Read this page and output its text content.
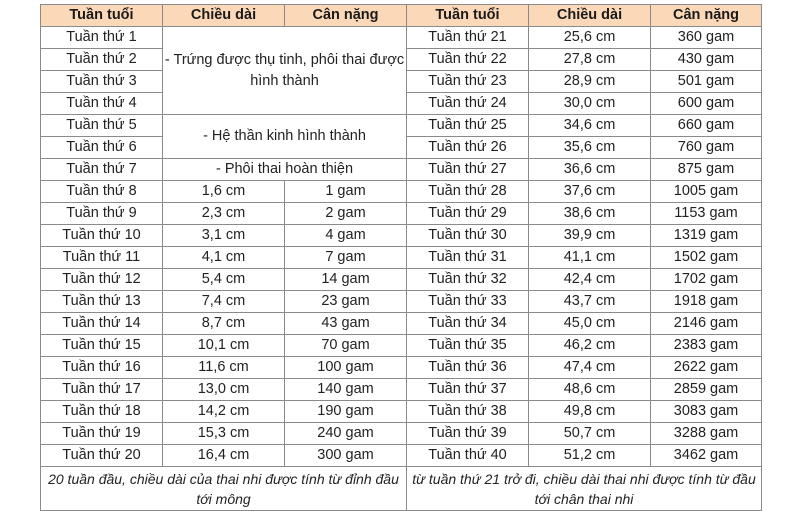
Tuần tuổi	Chiều dài	Cân nặng	Tuần tuổi	Chiều dài	Cân nặng
Tuần thứ 1	- Trứng được thụ tinh, phôi thai được hình thành		Tuần thứ 21	25,6 cm	360 gam
Tuần thứ 2			Tuần thứ 22	27,8 cm	430 gam
Tuần thứ 3			Tuần thứ 23	28,9 cm	501 gam
Tuần thứ 4			Tuần thứ 24	30,0 cm	600 gam
Tuần thứ 5	- Hệ thần kinh hình thành		Tuần thứ 25	34,6 cm	660 gam
Tuần thứ 6			Tuần thứ 26	35,6 cm	760 gam
Tuần thứ 7	- Phôi thai hoàn thiện		Tuần thứ 27	36,6 cm	875 gam
Tuần thứ 8	1,6 cm	1 gam	Tuần thứ 28	37,6 cm	1005 gam
Tuần thứ 9	2,3 cm	2 gam	Tuần thứ 29	38,6 cm	1153 gam
Tuần thứ 10	3,1 cm	4 gam	Tuần thứ 30	39,9 cm	1319 gam
Tuần thứ 11	4,1 cm	7 gam	Tuần thứ 31	41,1 cm	1502 gam
Tuần thứ 12	5,4 cm	14 gam	Tuần thứ 32	42,4 cm	1702 gam
Tuần thứ 13	7,4 cm	23 gam	Tuần thứ 33	43,7 cm	1918 gam
Tuần thứ 14	8,7 cm	43 gam	Tuần thứ 34	45,0 cm	2146 gam
Tuần thứ 15	10,1 cm	70 gam	Tuần thứ 35	46,2 cm	2383 gam
Tuần thứ 16	11,6 cm	100 gam	Tuần thứ 36	47,4 cm	2622 gam
Tuần thứ 17	13,0 cm	140 gam	Tuần thứ 37	48,6 cm	2859 gam
Tuần thứ 18	14,2 cm	190 gam	Tuần thứ 38	49,8 cm	3083 gam
Tuần thứ 19	15,3 cm	240 gam	Tuần thứ 39	50,7 cm	3288 gam
Tuần thứ 20	16,4 cm	300 gam	Tuần thứ 40	51,2 cm	3462 gam
20 tuần đầu, chiều dài của thai nhi được tính từ đỉnh đầu tới mông			từ tuần thứ 21 trở đi, chiều dài thai nhi được tính từ đầu tới chân thai nhi		
